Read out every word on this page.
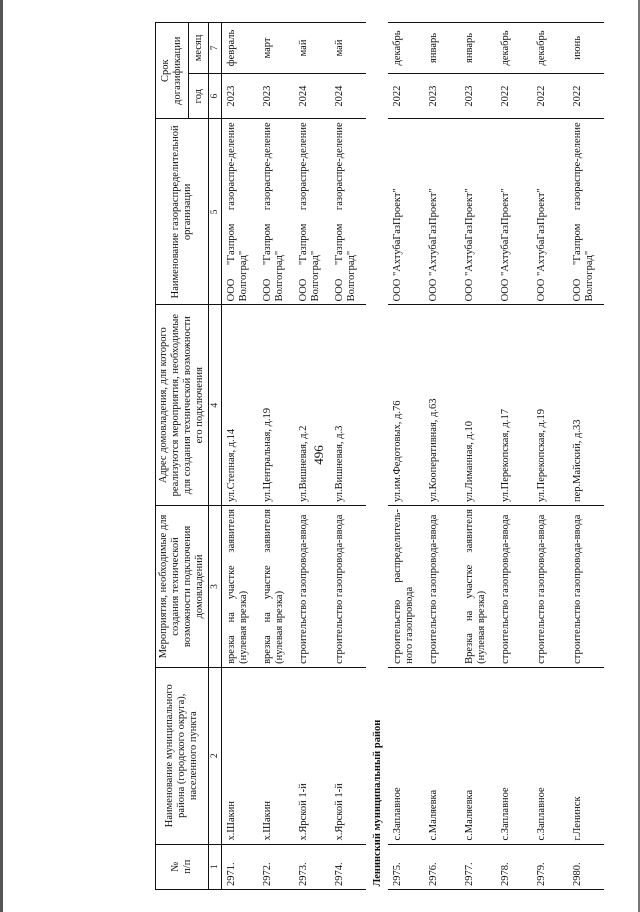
496
№
п/п	Наименование муниципального района (городского округа), населенного пункта	Мероприятия, необходимые для создания технической возможности подключения домовладений	Адрес домовладения, для которого реализуются мероприятия, необходимые для создания технической возможности его подключения	Наименование газораспределительной организации	Срок догазификации	
					год	месяц
1	2	3	4	5	6	7
2971.	х.Шакин	врезка на участке заявителя (нулевая врезка)	ул.Степная, д.14	ООО "Газпром газораспре-деление Волгоград"	2023	февраль
2972.	х.Шакин	врезка на участке заявителя (нулевая врезка)	ул.Центральная, д.19	ООО "Газпром газораспре-деление Волгоград"	2023	март
2973.	х.Ярской 1-й	строительство газопровода-ввода	ул.Вишневая, д.2	ООО "Газпром газораспре-деление Волгоград"	2024	май
2974.	х.Ярской 1-й	строительство газопровода-ввода	ул.Вишневая, д.3	ООО "Газпром газораспре-деление Волгоград"	2024	май
Ленинский муниципальный район						
2975.	с.Заплавное	строительство распределитель-ного газопровода	ул.им.Федотовых, д.76	ООО "АхтубаГазПроект"	2022	декабрь
2976.	с.Маляевка	строительство газопровода-ввода	ул.Кооперативная, д.63	ООО "АхтубаГазПроект"	2023	январь
2977.	с.Маляевка	Врезка на участке заявителя (нулевая врезка)	ул.Лиманная, д.10	ООО "АхтубаГазПроект"	2023	январь
2978.	с.Заплавное	строительство газопровода-ввода	ул.Перекопская, д.17	ООО "АхтубаГазПроект"	2022	декабрь
2979.	с.Заплавное	строительство газопровода-ввода	ул.Перекопская, д.19	ООО "АхтубаГазПроект"	2022	декабрь
2980.	г.Ленинск	строительство газопровода-ввода	пер.Майский, д.33	ООО "Газпром газораспре-деление Волгоград"	2022	июнь
